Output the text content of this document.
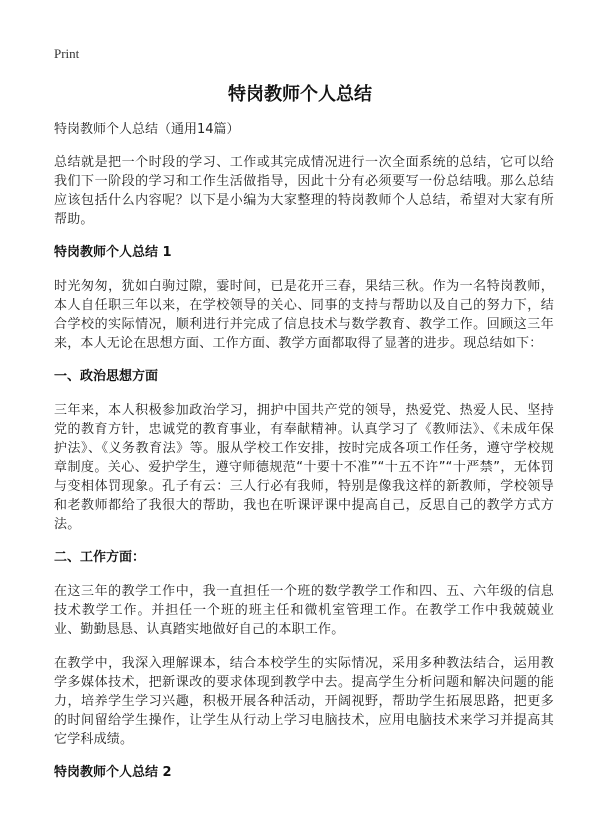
Print
特岗教师个人总结
特岗教师个人总结（通用14篇）

总结就是把一个时段的学习、工作或其完成情况进行一次全面系统的总结，它可以给我们下一阶段的学习和工作生活做指导，因此十分有必须要写一份总结哦。那么总结应该包括什么内容呢？以下是小编为大家整理的特岗教师个人总结，希望对大家有所帮助。

特岗教师个人总结 1

时光匆匆，犹如白驹过隙，霎时间，已是花开三春，果结三秋。作为一名特岗教师，本人自任职三年以来，在学校领导的关心、同事的支持与帮助以及自己的努力下，结合学校的实际情况，顺利进行并完成了信息技术与数学教育、教学工作。回顾这三年来，本人无论在思想方面、工作方面、教学方面都取得了显著的进步。现总结如下：

一、政治思想方面

三年来，本人积极参加政治学习，拥护中国共产党的领导，热爱党、热爱人民、坚持党的教育方针，忠诚党的教育事业，有奉献精神。认真学习了《教师法》、《未成年保护法》、《义务教育法》等。服从学校工作安排，按时完成各项工作任务，遵守学校规章制度。关心、爱护学生，遵守师德规范“十要十不准”“十五不许”“十严禁”，无体罚与变相体罚现象。孔子有云：三人行必有我师，特别是像我这样的新教师，学校领导和老教师都给了我很大的帮助，我也在听课评课中提高自己，反思自己的教学方式方法。

二、工作方面：

在这三年的教学工作中，我一直担任一个班的数学教学工作和四、五、六年级的信息技术教学工作。并担任一个班的班主任和微机室管理工作。在教学工作中我兢兢业业、勤勤恳恳、认真踏实地做好自己的本职工作。

在教学中，我深入理解课本，结合本校学生的实际情况，采用多种教法结合，运用教学多媒体技术，把新课改的要求体现到教学中去。提高学生分析问题和解决问题的能力，培养学生学习兴趣，积极开展各种活动，开阔视野，帮助学生拓展思路，把更多的时间留给学生操作，让学生从行动上学习电脑技术，应用电脑技术来学习并提高其它学科成绩。

特岗教师个人总结 2
